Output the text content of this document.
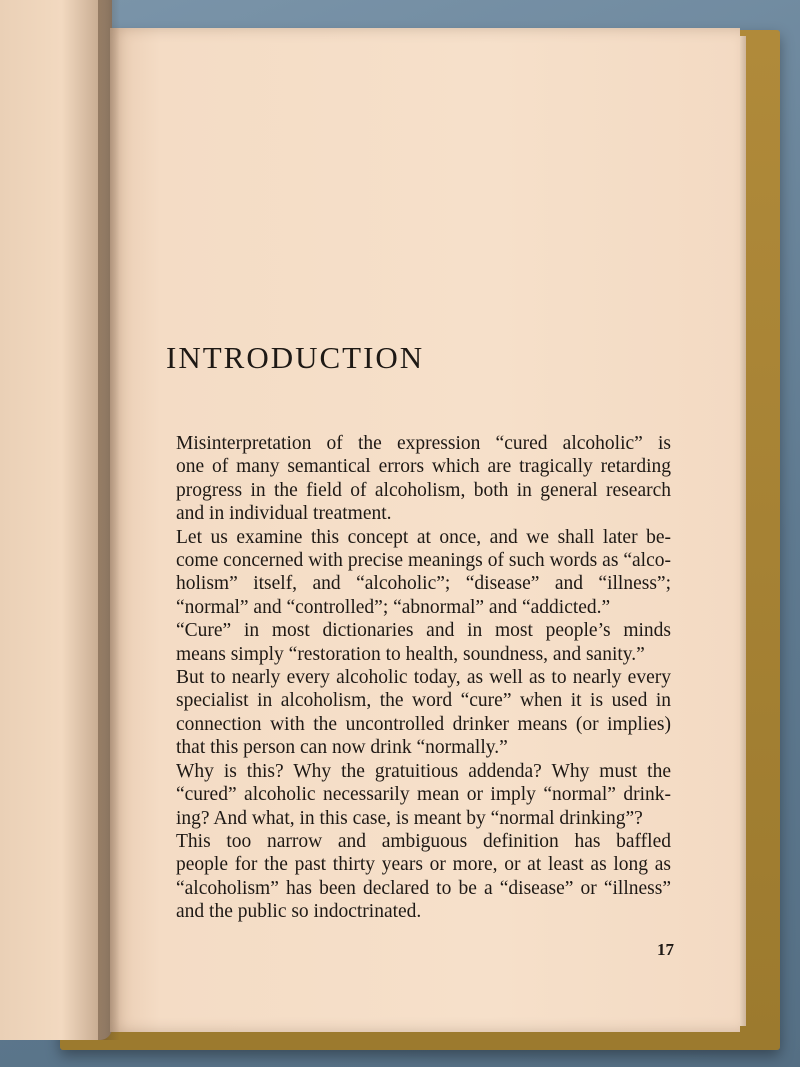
INTRODUCTION

Misinterpretation of the expression “cured alcoholic” is
one of many semantical errors which are tragically retarding
progress in the field of alcoholism, both in general research
and in individual treatment.

Let us examine this concept at once, and we shall later be-
come concerned with precise meanings of such words as “alco-
holism” itself, and “alcoholic”; “disease” and “illness”;
“normal” and “controlled”; “abnormal” and “addicted.”

“Cure” in most dictionaries and in most people’s minds
means simply “restoration to health, soundness, and sanity.”

But to nearly every alcoholic today, as well as to nearly every
specialist in alcoholism, the word “cure” when it is used in
connection with the uncontrolled drinker means (or implies)
that this person can now drink “normally.”

Why is this? Why the gratuitious addenda? Why must the
“cured” alcoholic necessarily mean or imply “normal” drink-
ing? And what, in this case, is meant by “normal drinking”?

This too narrow and ambiguous definition has baffled
people for the past thirty years or more, or at least as long as
“alcoholism” has been declared to be a “disease” or “illness”
and the public so indoctrinated.

17
